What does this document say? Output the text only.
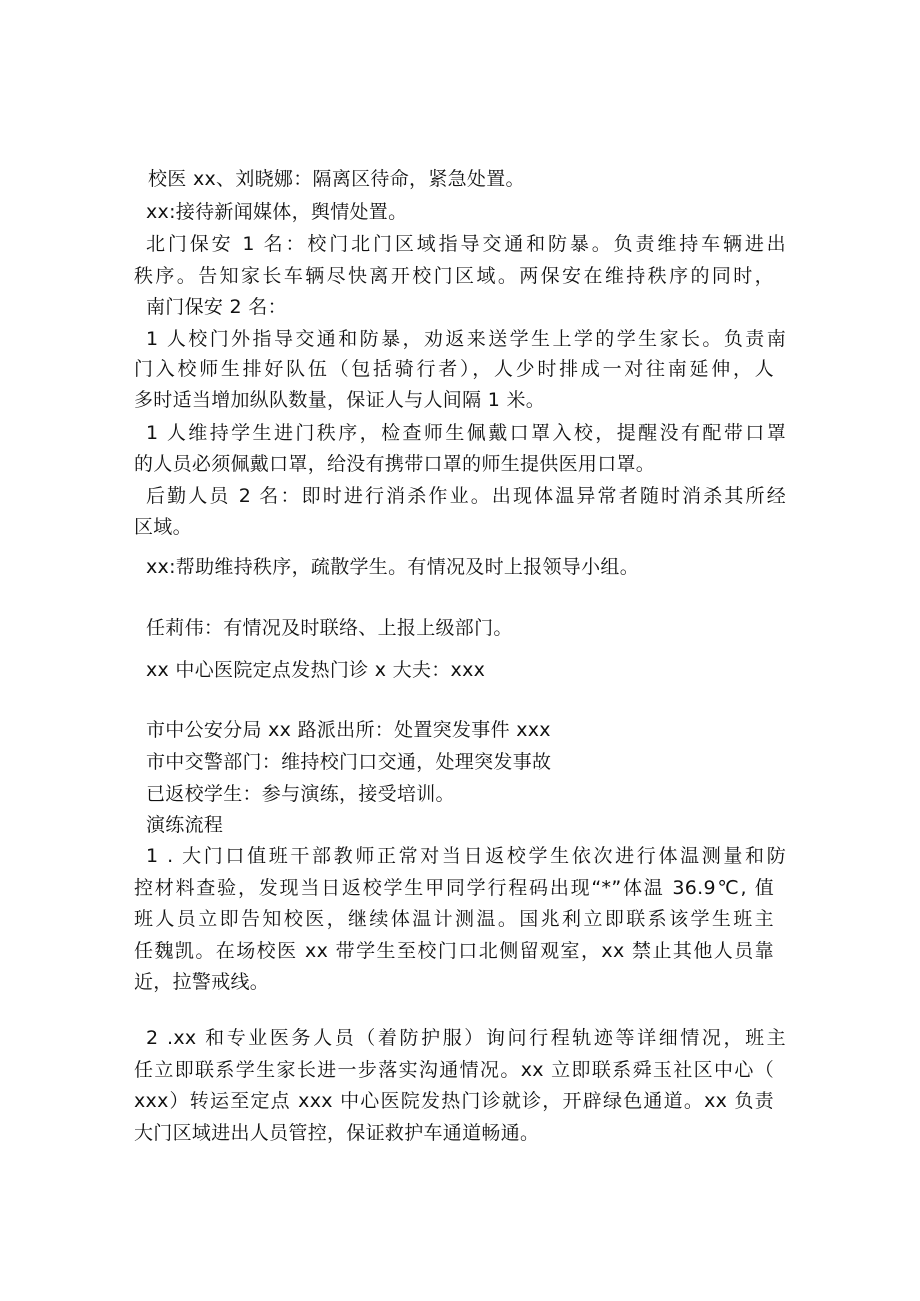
校医 xx、刘晓娜：隔离区待命，紧急处置。

xx:接待新闻媒体，舆情处置。

北门保安 1 名：校门北门区域指导交通和防暴。负责维持车辆进出

秩序。告知家长车辆尽快离开校门区域。两保安在维持秩序的同时，

南门保安 2 名：

1 人校门外指导交通和防暴，劝返来送学生上学的学生家长。负责南

门入校师生排好队伍（包括骑行者），人少时排成一对往南延伸，人

多时适当增加纵队数量，保证人与人间隔 1 米。

1 人维持学生进门秩序，检查师生佩戴口罩入校，提醒没有配带口罩

的人员必须佩戴口罩，给没有携带口罩的师生提供医用口罩。

后勤人员 2 名：即时进行消杀作业。出现体温异常者随时消杀其所经

区域。

xx:帮助维持秩序，疏散学生。有情况及时上报领导小组。

任莉伟：有情况及时联络、上报上级部门。

xx 中心医院定点发热门诊 x 大夫：xxx

市中公安分局 xx 路派出所：处置突发事件 xxx

市中交警部门：维持校门口交通，处理突发事故

已返校学生：参与演练，接受培训。

演练流程

1 . 大门口值班干部教师正常对当日返校学生依次进行体温测量和防

控材料查验，发现当日返校学生甲同学行程码出现“*”体温 36.9℃, 值

班人员立即告知校医，继续体温计测温。国兆利立即联系该学生班主

任魏凯。在场校医 xx 带学生至校门口北侧留观室，xx 禁止其他人员靠

近，拉警戒线。

2 .xx 和专业医务人员（着防护服）询问行程轨迹等详细情况，班主

任立即联系学生家长进一步落实沟通情况。xx 立即联系舜玉社区中心（

xxx）转运至定点 xxx 中心医院发热门诊就诊，开辟绿色通道。xx 负责

大门区域进出人员管控，保证救护车通道畅通。
